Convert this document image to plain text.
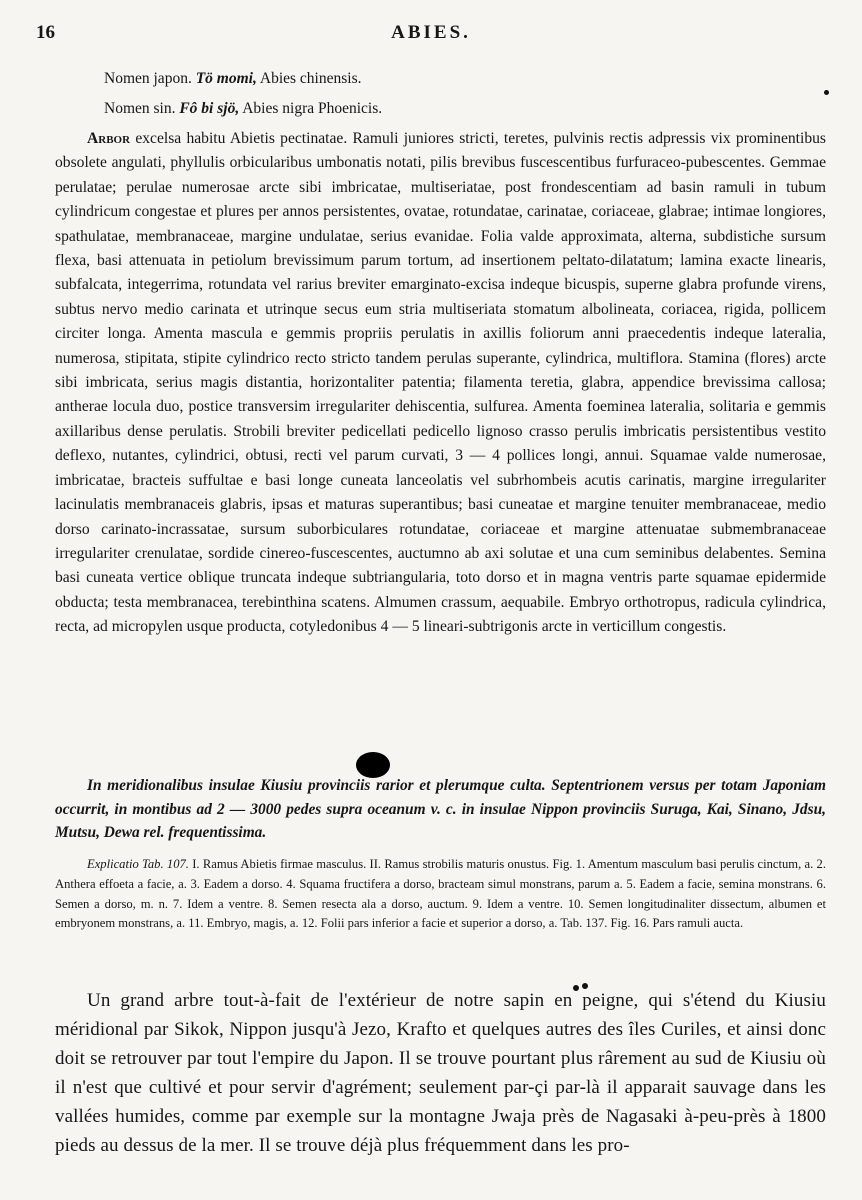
16	ABIES.
Nomen japon. Tö momi, Abies chinensis.
Nomen sin. Fô bi sjö, Abies nigra Phoenicis.

Arbor excelsa habitu Abietis pectinatae. Ramuli juniores stricti, teretes, pulvinis rectis adpressis vix prominentibus obsolete angulati, phyllulis orbicularibus umbonatis notati, pilis brevibus fuscescentibus furfuraceo-pubescentes. Gemmae perulatae; perulae numerosae arcte sibi imbricatae, multiseriatae, post frondescentiam ad basin ramuli in tubum cylindricum congestae et plures per annos persistentes, ovatae, rotundatae, carinatae, coriaceae, glabrae; intimae longiores, spathulatae, membranaceae, margine undulatae, serius evanidae. Folia valde approximata, alterna, subdistiche sursum flexa, basi attenuata in petiolum brevissimum parum tortum, ad insertionem peltato-dilatatum; lamina exacte linearis, subfalcata, integerrima, rotundata vel rarius breviter emarginato-excisa indeque bicuspis, superne glabra profunde virens, subtus nervo medio carinata et utrinque secus eum stria multiseriata stomatum albolineata, coriacea, rigida, pollicem circiter longa. Amenta mascula e gemmis propriis perulatis in axillis foliorum anni praecedentis indeque lateralia, numerosa, stipitata, stipite cylindrico recto stricto tandem perulas superante, cylindrica, multiflora. Stamina (flores) arcte sibi imbricata, serius magis distantia, horizontaliter patentia; filamenta teretia, glabra, appendice brevissima callosa; antherae locula duo, postice transversim irregulariter dehiscentia, sulfurea. Amenta foeminea lateralia, solitaria e gemmis axillaribus dense perulatis. Strobili breviter pedicellati pedicello lignoso crasso perulis imbricatis persistentibus vestito deflexo, nutantes, cylindrici, obtusi, recti vel parum curvati, 3 — 4 pollices longi, annui. Squamae valde numerosae, imbricatae, bracteis suffultae e basi longe cuneata lanceolatis vel subrhombeis acutis carinatis, margine irregulariter lacinulatis membranaceis glabris, ipsas et maturas superantibus; basi cuneatae et margine tenuiter membranaceae, medio dorso carinato-incrassatae, sursum suborbiculares rotundatae, coriaceae et margine attenuatae submembranaceae irregulariter crenulatae, sordide cinereo-fuscescentes, auctumno ab axi solutae et una cum seminibus delabentes. Semina basi cuneata vertice oblique truncata indeque subtriangularia, toto dorso et in magna ventris parte squamae epidermide obducta; testa membranacea, terebinthina scatens. Almumen crassum, aequabile. Embryo orthotropus, radicula cylindrica, recta, ad micropylen usque producta, cotyledonibus 4 — 5 lineari-subtrigonis arcte in verticillum congestis.

In meridionalibus insulae Kiusiu provinciis rarior et plerumque culta. Septentrionem versus per totam Japoniam occurrit, in montibus ad 2 — 3000 pedes supra oceanum v. c. in insulae Nippon provinciis Suruga, Kai, Sinano, Jdsu, Mutsu, Dewa rel. frequentissima.
Explicatio Tab. 107. I. Ramus Abietis firmae masculus. II. Ramus strobilis maturis onustus. Fig. 1. Amentum masculum basi perulis cinctum, a. 2. Anthera effoeta a facie, a. 3. Eadem a dorso. 4. Squama fructifera a dorso, bracteam simul monstrans, parum a. 5. Eadem a facie, semina monstrans. 6. Semen a dorso, m. n. 7. Idem a ventre. 8. Semen resecta ala a dorso, auctum. 9. Idem a ventre. 10. Semen longitudinaliter dissectum, albumen et embryonem monstrans, a. 11. Embryo, magis, a. 12. Folii pars inferior a facie et superior a dorso, a. Tab. 137. Fig. 16. Pars ramuli aucta.
Un grand arbre tout-à-fait de l'extérieur de notre sapin en peigne, qui s'étend du Kiusiu méridional par Sikok, Nippon jusqu'à Jezo, Krafto et quelques autres des îles Curiles, et ainsi donc doit se retrouver par tout l'empire du Japon. Il se trouve pourtant plus rârement au sud de Kiusiu où il n'est que cultivé et pour servir d'agrément; seulement par-çi par-là il apparait sauvage dans les vallées humides, comme par exemple sur la montagne Jwaja près de Nagasaki à-peu-près à 1800 pieds au dessus de la mer. Il se trouve déjà plus fréquemment dans les pro-
